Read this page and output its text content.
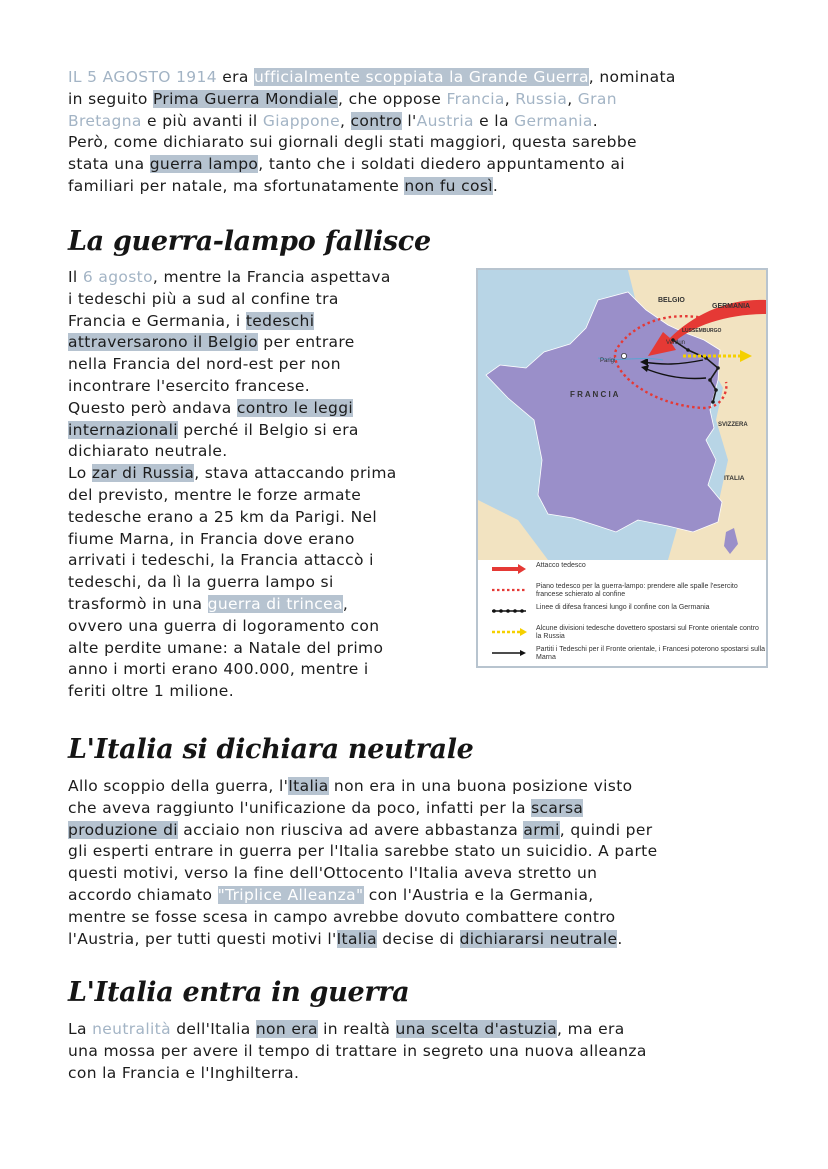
IL 5 AGOSTO 1914 era ufficialmente scoppiata la Grande Guerra, nominata
in seguito Prima Guerra Mondiale, che oppose Francia, Russia, Gran
Bretagna e più avanti il Giappone, contro l'Austria e la Germania.
Però, come dichiarato sui giornali degli stati maggiori, questa sarebbe
stata una guerra lampo, tanto che i soldati diedero appuntamento ai
familiari per natale, ma sfortunatamente non fu così.
La guerra-lampo fallisce
Il 6 agosto, mentre la Francia aspettava
i tedeschi più a sud al confine tra
Francia e Germania, i tedeschi
attraversarono il Belgio per entrare
nella Francia del nord-est per non
incontrare l'esercito francese.
Questo però andava contro le leggi
internazionali perché il Belgio si era
dichiarato neutrale.
Lo zar di Russia, stava attaccando prima
del previsto, mentre le forze armate
tedesche erano a 25 km da Parigi. Nel
fiume Marna, in Francia dove erano
arrivati i tedeschi, la Francia attaccò i
tedeschi, da lì la guerra lampo si
trasformò in una guerra di trincea,
ovvero una guerra di logoramento con
alte perdite umane: a Natale del primo
anno i morti erano 400.000, mentre i
feriti oltre 1 milione.
BELGIO
GERMANIA
LUSSEMBURGO
Verdun
Parigi
F R A N C I A
SVIZZERA
ITALIA
Attacco tedesco
Piano tedesco per la guerra-lampo: prendere alle spalle l'esercito francese schierato al confine
Linee di difesa francesi lungo il confine con la Germania
Alcune divisioni tedesche dovettero spostarsi sul Fronte orientale contro la Russia
Partiti i Tedeschi per il Fronte orientale, i Francesi poterono spostarsi sulla Marna
L'Italia si dichiara neutrale
Allo scoppio della guerra, l'Italia non era in una buona posizione visto
che aveva raggiunto l'unificazione da poco, infatti per la scarsa
produzione di acciaio non riusciva ad avere abbastanza armi, quindi per
gli esperti entrare in guerra per l'Italia sarebbe stato un suicidio. A parte
questi motivi, verso la fine dell'Ottocento l'Italia aveva stretto un
accordo chiamato "Triplice Alleanza" con l'Austria e la Germania,
mentre se fosse scesa in campo avrebbe dovuto combattere contro
l'Austria, per tutti questi motivi l'Italia decise di dichiararsi neutrale.
L'Italia entra in guerra
La neutralità dell'Italia non era in realtà una scelta d'astuzia, ma era
una mossa per avere il tempo di trattare in segreto una nuova alleanza
con la Francia e l'Inghilterra.
